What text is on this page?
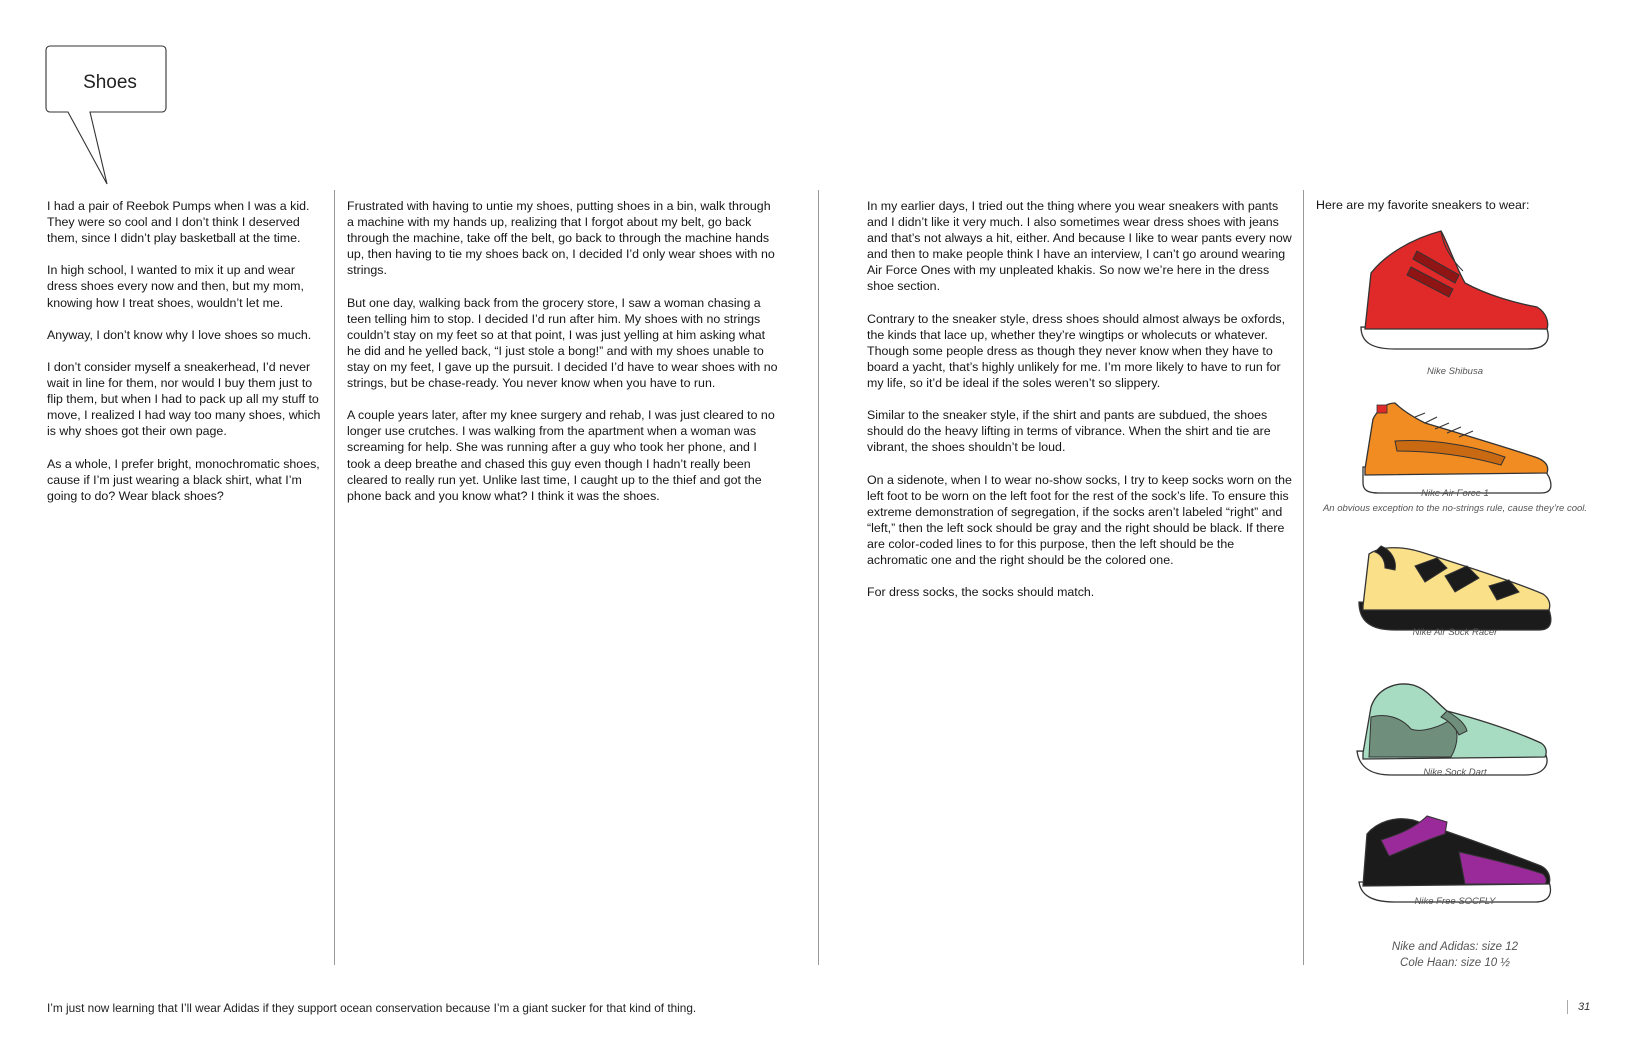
Shoes

I had a pair of Reebok Pumps when I was a kid. They were so cool and I don’t think I deserved them, since I didn’t play basketball at the time.

In high school, I wanted to mix it up and wear dress shoes every now and then, but my mom, knowing how I treat shoes, wouldn’t let me.

Anyway, I don’t know why I love shoes so much.

I don’t consider myself a sneakerhead, I’d never wait in line for them, nor would I buy them just to flip them, but when I had to pack up all my stuff to move, I realized I had way too many shoes, which is why shoes got their own page.

As a whole, I prefer bright, monochromatic shoes, cause if I’m just wearing a black shirt, what I’m going to do? Wear black shoes?

Frustrated with having to untie my shoes, putting shoes in a bin, walk through a machine with my hands up, realizing that I forgot about my belt, go back through the machine, take off the belt, go back to through the machine hands up, then having to tie my shoes back on, I decided I’d only wear shoes with no strings.

But one day, walking back from the grocery store, I saw a woman chasing a teen telling him to stop. I decided I’d run after him. My shoes with no strings couldn’t stay on my feet so at that point, I was just yelling at him asking what he did and he yelled back, “I just stole a bong!” and with my shoes unable to stay on my feet, I gave up the pursuit. I decided I’d have to wear shoes with no strings, but be chase-ready. You never know when you have to run.

A couple years later, after my knee surgery and rehab, I was just cleared to no longer use crutches. I was walking from the apartment when a woman was screaming for help. She was running after a guy who took her phone, and I took a deep breathe and chased this guy even though I hadn’t really been cleared to really run yet. Unlike last time, I caught up to the thief and got the phone back and you know what? I think it was the shoes.

In my earlier days, I tried out the thing where you wear sneakers with pants and I didn’t like it very much. I also sometimes wear dress shoes with jeans and that’s not always a hit, either. And because I like to wear pants every now and then to make people think I have an interview, I can’t go around wearing Air Force Ones with my unpleated khakis. So now we’re here in the dress shoe section.

Contrary to the sneaker style, dress shoes should almost always be oxfords, the kinds that lace up, whether they’re wingtips or wholecuts or whatever. Though some people dress as though they never know when they have to board a yacht, that’s highly unlikely for me. I’m more likely to have to run for my life, so it’d be ideal if the soles weren’t so slippery.

Similar to the sneaker style, if the shirt and pants are subdued, the shoes should do the heavy lifting in terms of vibrance. When the shirt and tie are vibrant, the shoes shouldn’t be loud.

On a sidenote, when I to wear no-show socks, I try to keep socks worn on the left foot to be worn on the left foot for the rest of the sock’s life. To ensure this extreme demonstration of segregation, if the socks aren’t labeled “right” and “left,” then the left sock should be gray and the right should be black. If there are color-coded lines to for this purpose, then the left should be the achromatic one and the right should be the colored one.

For dress socks, the socks should match.

Here are my favorite sneakers to wear:
Nike Shibusa
Nike Air Force 1
An obvious exception to the no-strings rule, cause they’re cool.
Nike Air Sock Racer
Nike Sock Dart
Nike Free SOCFLY
Nike and Adidas: size 12
Cole Haan: size 10 ½
I’m just now learning that I’ll wear Adidas if they support ocean conservation because I’m a giant sucker for that kind of thing.	31
